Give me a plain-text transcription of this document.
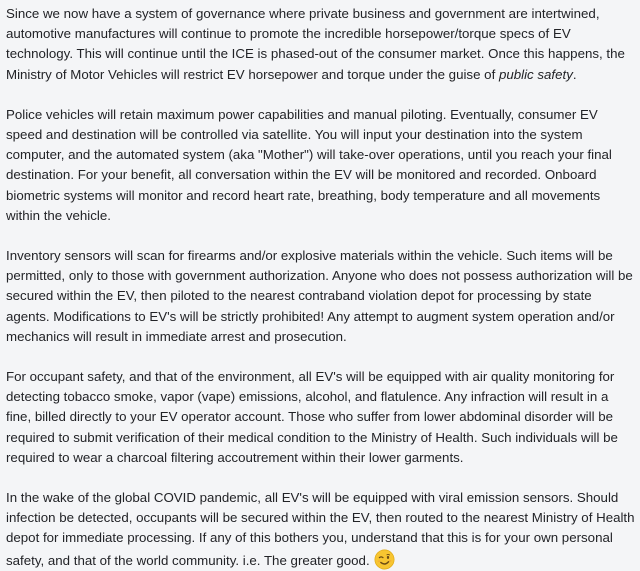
Since we now have a system of governance where private business and government are intertwined, automotive manufactures will continue to promote the incredible horsepower/torque specs of EV technology. This will continue until the ICE is phased-out of the consumer market. Once this happens, the Ministry of Motor Vehicles will restrict EV horsepower and torque under the guise of public safety.

Police vehicles will retain maximum power capabilities and manual piloting. Eventually, consumer EV speed and destination will be controlled via satellite. You will input your destination into the system computer, and the automated system (aka "Mother") will take-over operations, until you reach your final destination. For your benefit, all conversation within the EV will be monitored and recorded. Onboard biometric systems will monitor and record heart rate, breathing, body temperature and all movements within the vehicle.

Inventory sensors will scan for firearms and/or explosive materials within the vehicle. Such items will be permitted, only to those with government authorization. Anyone who does not possess authorization will be secured within the EV, then piloted to the nearest contraband violation depot for processing by state agents. Modifications to EV's will be strictly prohibited! Any attempt to augment system operation and/or mechanics will result in immediate arrest and prosecution.

For occupant safety, and that of the environment, all EV's will be equipped with air quality monitoring for detecting tobacco smoke, vapor (vape) emissions, alcohol, and flatulence. Any infraction will result in a fine, billed directly to your EV operator account. Those who suffer from lower abdominal disorder will be required to submit verification of their medical condition to the Ministry of Health. Such individuals will be required to wear a charcoal filtering accoutrement within their lower garments.

In the wake of the global COVID pandemic, all EV's will be equipped with viral emission sensors. Should infection be detected, occupants will be secured within the EV, then routed to the nearest Ministry of Health depot for immediate processing. If any of this bothers you, understand that this is for your own personal safety, and that of the world community. i.e. The greater good.
